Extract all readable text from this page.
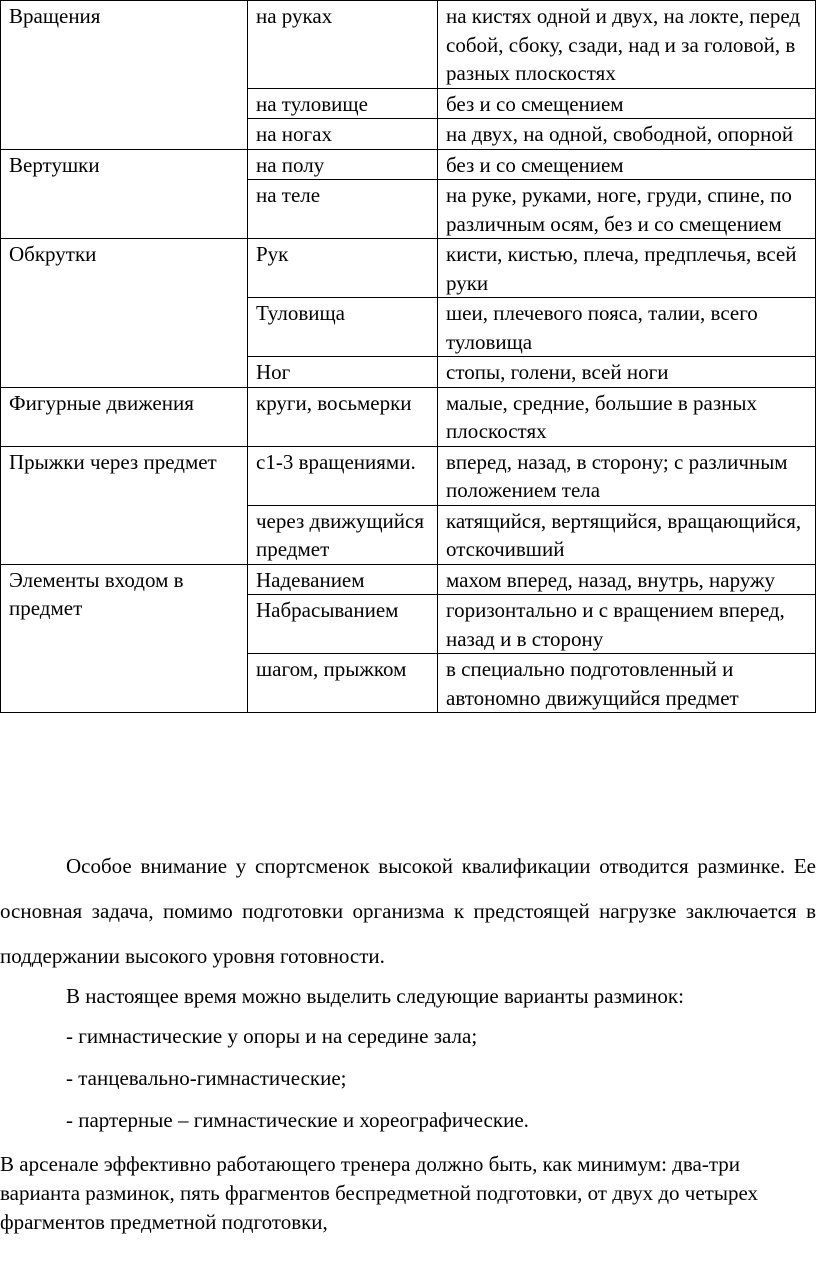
Вращения	на руках	на кистях одной и двух, на локте, перед собой, сбоку, сзади, над и за головой, в разных плоскостях
	на туловище	без и со смещением
	на ногах	на двух, на одной, свободной, опорной
Вертушки	на полу	без и со смещением
	на теле	на руке, руками, ноге, груди, спине, по различным осям, без и со смещением
Обкрутки	Рук	кисти, кистью, плеча, предплечья, всей руки
	Туловища	шеи, плечевого пояса, талии, всего туловища
	Ног	стопы, голени, всей ноги
Фигурные движения	круги, восьмерки	малые, средние, большие в разных плоскостях
Прыжки через предмет	с1-3 вращениями.	вперед, назад, в сторону; с различным положением тела
	через движущийся предмет	катящийся, вертящийся, вращающийся, отскочивший
Элементы входом в предмет	Надеванием	махом вперед, назад, внутрь, наружу
	Набрасыванием	горизонтально и с вращением вперед, назад и в сторону
	шагом, прыжком	в специально подготовленный и автономно движущийся предмет

Особое внимание у спортсменок высокой квалификации отводится разминке. Ее основная задача, помимо подготовки организма к предстоящей нагрузке заключается в поддержании высокого уровня готовности.

В настоящее время можно выделить следующие варианты разминок:

- гимнастические у опоры и на середине зала;

- танцевально-гимнастические;

- партерные – гимнастические и хореографические.

В арсенале эффективно работающего тренера должно быть, как минимум: два-три варианта разминок, пять фрагментов беспредметной подготовки, от двух до четырех фрагментов предметной подготовки,
